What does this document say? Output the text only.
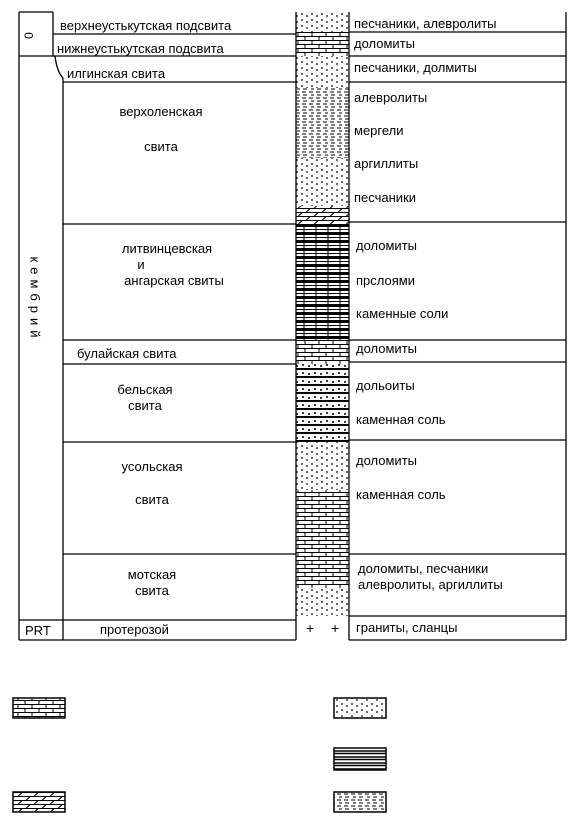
+ +
0
кембрий
PRT
верхнеустькутская подсвита
нижнеустькутская подсвита
илгинская свита
верхоленская
свита
литвинцевская
и
ангарская свиты
булайская свита
бельская
свита
усольская
свита
мотская
свита
протерозой
песчаники, алевролиты
доломиты
песчаники, долмиты
алевролиты
мергели
аргиллиты
песчаники
доломиты
прслоями
каменные соли
доломиты
дольоиты
каменная соль
доломиты
каменная соль
доломиты, песчаники
алевролиты, аргиллиты
граниты, сланцы
